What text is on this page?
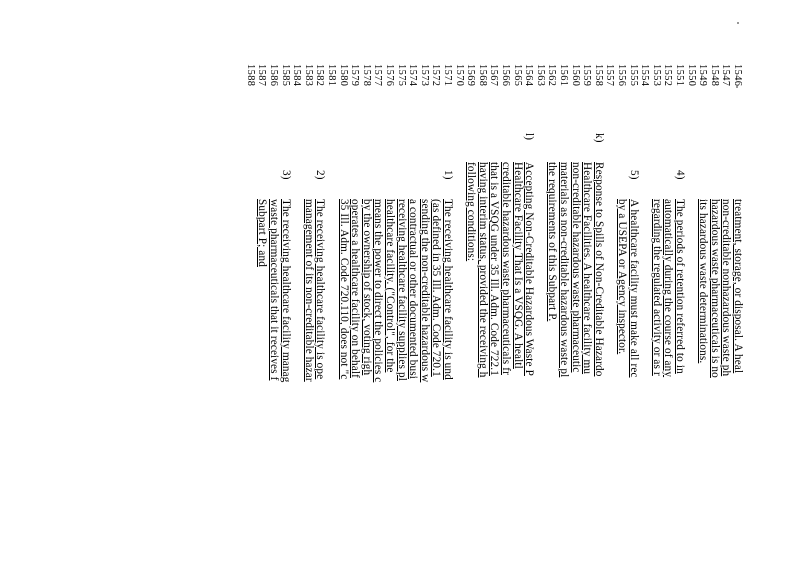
1546
treatment, storage, or disposal. A heal
1547
non-creditable nonhazardous waste ph
1548
hazardous waste pharmaceuticals is no
1549
its hazardous waste determinations.
1550
1551
4)
The periods of retention referred to in
1552
automatically during the course of any
1553
regarding the regulated activity or as r
1554
1555
5)
A healthcare facility must make all rec
1556
by a USEPA or Agency inspector.
1557
1558
k)
Response to Spills of Non-Creditable Hazardo
1559
Healthcare Facilities. A healthcare facility mu
1560
non-creditable hazardous waste pharmaceutic
1561
materials as non-creditable hazardous waste pl
1562
the requirements of this Subpart P.
1563
1564
l)
Accepting Non-Creditable Hazardous Waste P
1565
Healthcare Facility That Is a VSQG. A healtl
1566
creditable hazardous waste pharmaceuticals fr
1567
that is a VSQG under 35 Ill. Adm. Code 722.1
1568
having interim status, provided the receiving h
1569
following conditions:
1570
1571
1)
The receiving healthcare facility is und
1572
(as defined in 35 Ill. Adm. Code 720.1
1573
sending the non-creditable hazardous w
1574
a contractual or other documented busi
1575
receiving healthcare facility supplies pl
1576
healthcare facility. ("Control", for the
1577
means the power to direct the policies c
1578
by the ownership of stock, voting righ
1579
operates a healthcare facility on behalf
1580
35 Ill. Adm. Code 720.110, does not "c
1581
1582
2)
The receiving healthcare facility is ope
1583
management of its non-creditable hazar
1584
1585
3)
The receiving healthcare facility manag
1586
waste pharmaceuticals that it receives f
1587
Subpart P; and
1588
